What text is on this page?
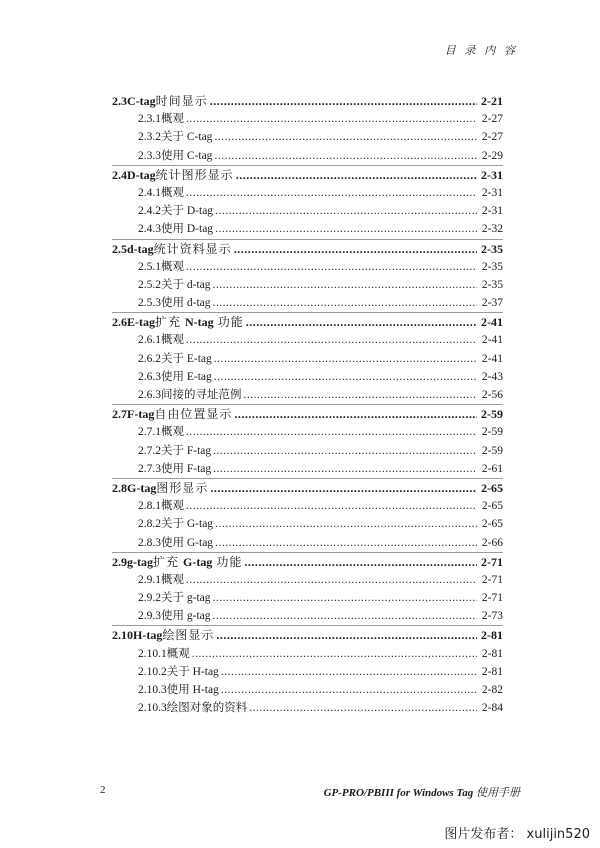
目 录 内 容
2.3 C-tag 时间显示 .....	2-21
2.3.1 概观 .....	2-27
2.3.2 关于 C-tag .....	2-27
2.3.3 使用 C-tag .....	2-29
2.4 D-tag 统计图形显示 .....	2-31
2.4.1 概观 .....	2-31
2.4.2 关于 D-tag .....	2-31
2.4.3 使用 D-tag .....	2-32
2.5 d-tag 统计资料显示 .....	2-35
2.5.1 概观 .....	2-35
2.5.2 关于 d-tag .....	2-35
2.5.3 使用 d-tag .....	2-37
2.6 E-tag 扩充 N-tag 功能 .....	2-41
2.6.1 概观 .....	2-41
2.6.2 关于 E-tag .....	2-41
2.6.3 使用 E-tag .....	2-43
2.6.3 间接的寻址范例 .....	2-56
2.7 F-tag 自由位置显示 .....	2-59
2.7.1 概观 .....	2-59
2.7.2 关于 F-tag .....	2-59
2.7.3 使用 F-tag .....	2-61
2.8 G-tag 图形显示 .....	2-65
2.8.1 概观 .....	2-65
2.8.2 关于 G-tag .....	2-65
2.8.3 使用 G-tag .....	2-66
2.9 g-tag 扩充 G-tag 功能 .....	2-71
2.9.1 概观 .....	2-71
2.9.2 关于 g-tag .....	2-71
2.9.3 使用 g-tag .....	2-73
2.10 H-tag 绘图显示 .....	2-81
2.10.1 概观 .....	2-81
2.10.2 关于 H-tag .....	2-81
2.10.3 使用 H-tag .....	2-82
2.10.3 绘图对象的资料 .....	2-84
2	GP-PRO/PBIII for Windows Tag 使用手册
图片发布者： xulijin520
